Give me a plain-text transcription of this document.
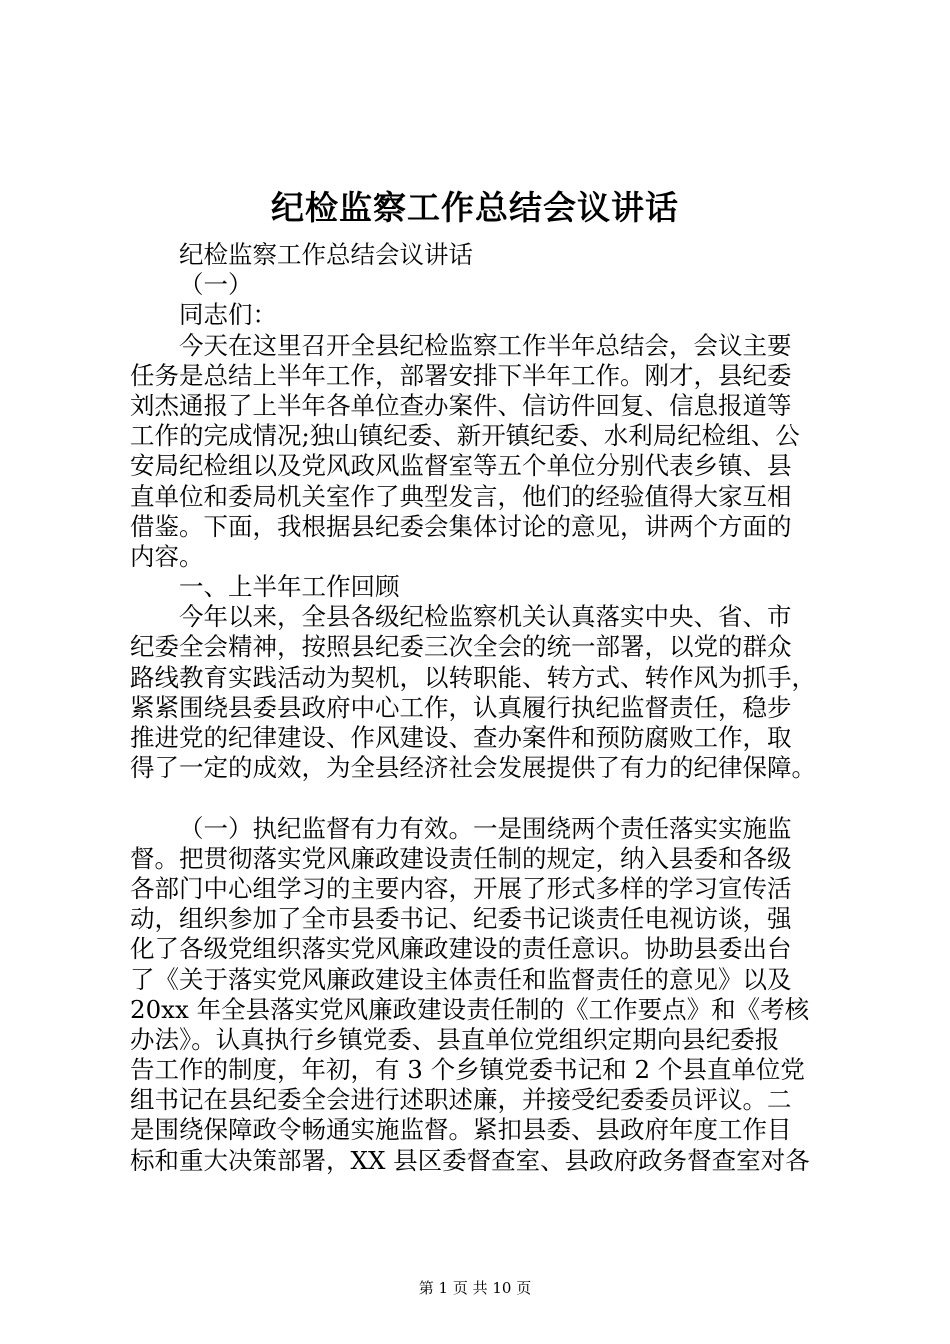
纪检监察工作总结会议讲话
纪检监察工作总结会议讲话
（一）
同志们：
今天在这里召开全县纪检监察工作半年总结会，会议主要
任务是总结上半年工作，部署安排下半年工作。刚才，县纪委
刘杰通报了上半年各单位查办案件、信访件回复、信息报道等
工作的完成情况;独山镇纪委、新开镇纪委、水利局纪检组、公
安局纪检组以及党风政风监督室等五个单位分别代表乡镇、县
直单位和委局机关室作了典型发言，他们的经验值得大家互相
借鉴。下面，我根据县纪委会集体讨论的意见，讲两个方面的
内容。
一、上半年工作回顾
今年以来，全县各级纪检监察机关认真落实中央、省、市
纪委全会精神，按照县纪委三次全会的统一部署，以党的群众
路线教育实践活动为契机，以转职能、转方式、转作风为抓手，
紧紧围绕县委县政府中心工作，认真履行执纪监督责任，稳步
推进党的纪律建设、作风建设、查办案件和预防腐败工作，取
得了一定的成效，为全县经济社会发展提供了有力的纪律保障。
（一）执纪监督有力有效。一是围绕两个责任落实实施监
督。把贯彻落实党风廉政建设责任制的规定，纳入县委和各级
各部门中心组学习的主要内容，开展了形式多样的学习宣传活
动，组织参加了全市县委书记、纪委书记谈责任电视访谈，强
化了各级党组织落实党风廉政建设的责任意识。协助县委出台
了《关于落实党风廉政建设主体责任和监督责任的意见》以及
20xx 年全县落实党风廉政建设责任制的《工作要点》和《考核
办法》。认真执行乡镇党委、县直单位党组织定期向县纪委报
告工作的制度，年初，有 3 个乡镇党委书记和 2 个县直单位党
组书记在县纪委全会进行述职述廉，并接受纪委委员评议。二
是围绕保障政令畅通实施监督。紧扣县委、县政府年度工作目
标和重大决策部署，XX 县区委督查室、县政府政务督查室对各
第 1 页 共 10 页
